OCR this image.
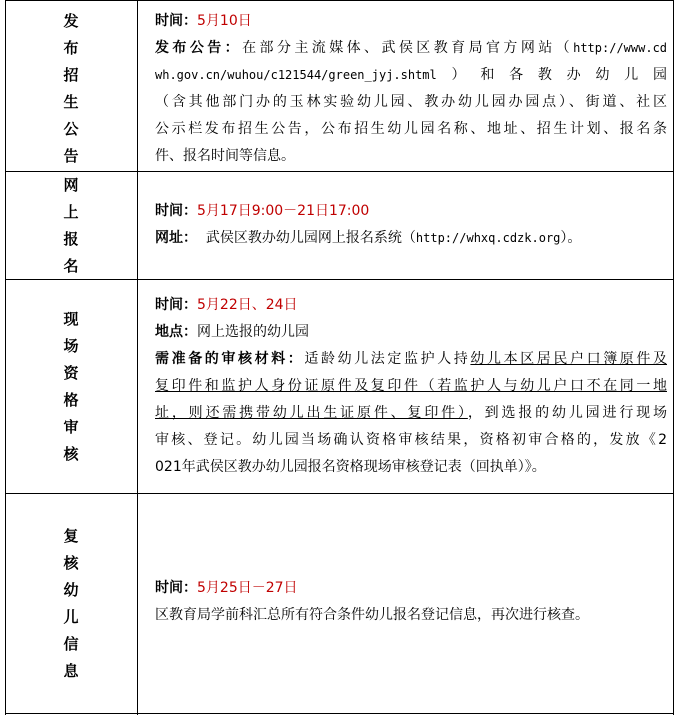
发
布
招
生
公
告
时间：5月10日
发布公告：在部分主流媒体、武侯区教育局官方网站（http://www.cd
wh.gov.cn/wuhou/c121544/green_jyj.shtml）和各教办幼儿园
（含其他部门办的玉林实验幼儿园、教办幼儿园办园点）、街道、社区
公示栏发布招生公告，公布招生幼儿园名称、地址、招生计划、报名条
件、报名时间等信息。
网
上
报
名
时间：5月17日9:00－21日17:00
网址： 武侯区教办幼儿园网上报名系统（http://whxq.cdzk.org）。
现
场
资
格
审
核
时间：5月22日、24日
地点：网上选报的幼儿园
需准备的审核材料：适龄幼儿法定监护人持幼儿本区居民户口簿原件及
复印件和监护人身份证原件及复印件（若监护人与幼儿户口不在同一地
址，则还需携带幼儿出生证原件、复印件），到选报的幼儿园进行现场
审核、登记。幼儿园当场确认资格审核结果，资格初审合格的，发放《2
021年武侯区教办幼儿园报名资格现场审核登记表（回执单）》。
复
核
幼
儿
信
息
时间：5月25日－27日
区教育局学前科汇总所有符合条件幼儿报名登记信息，再次进行核查。
